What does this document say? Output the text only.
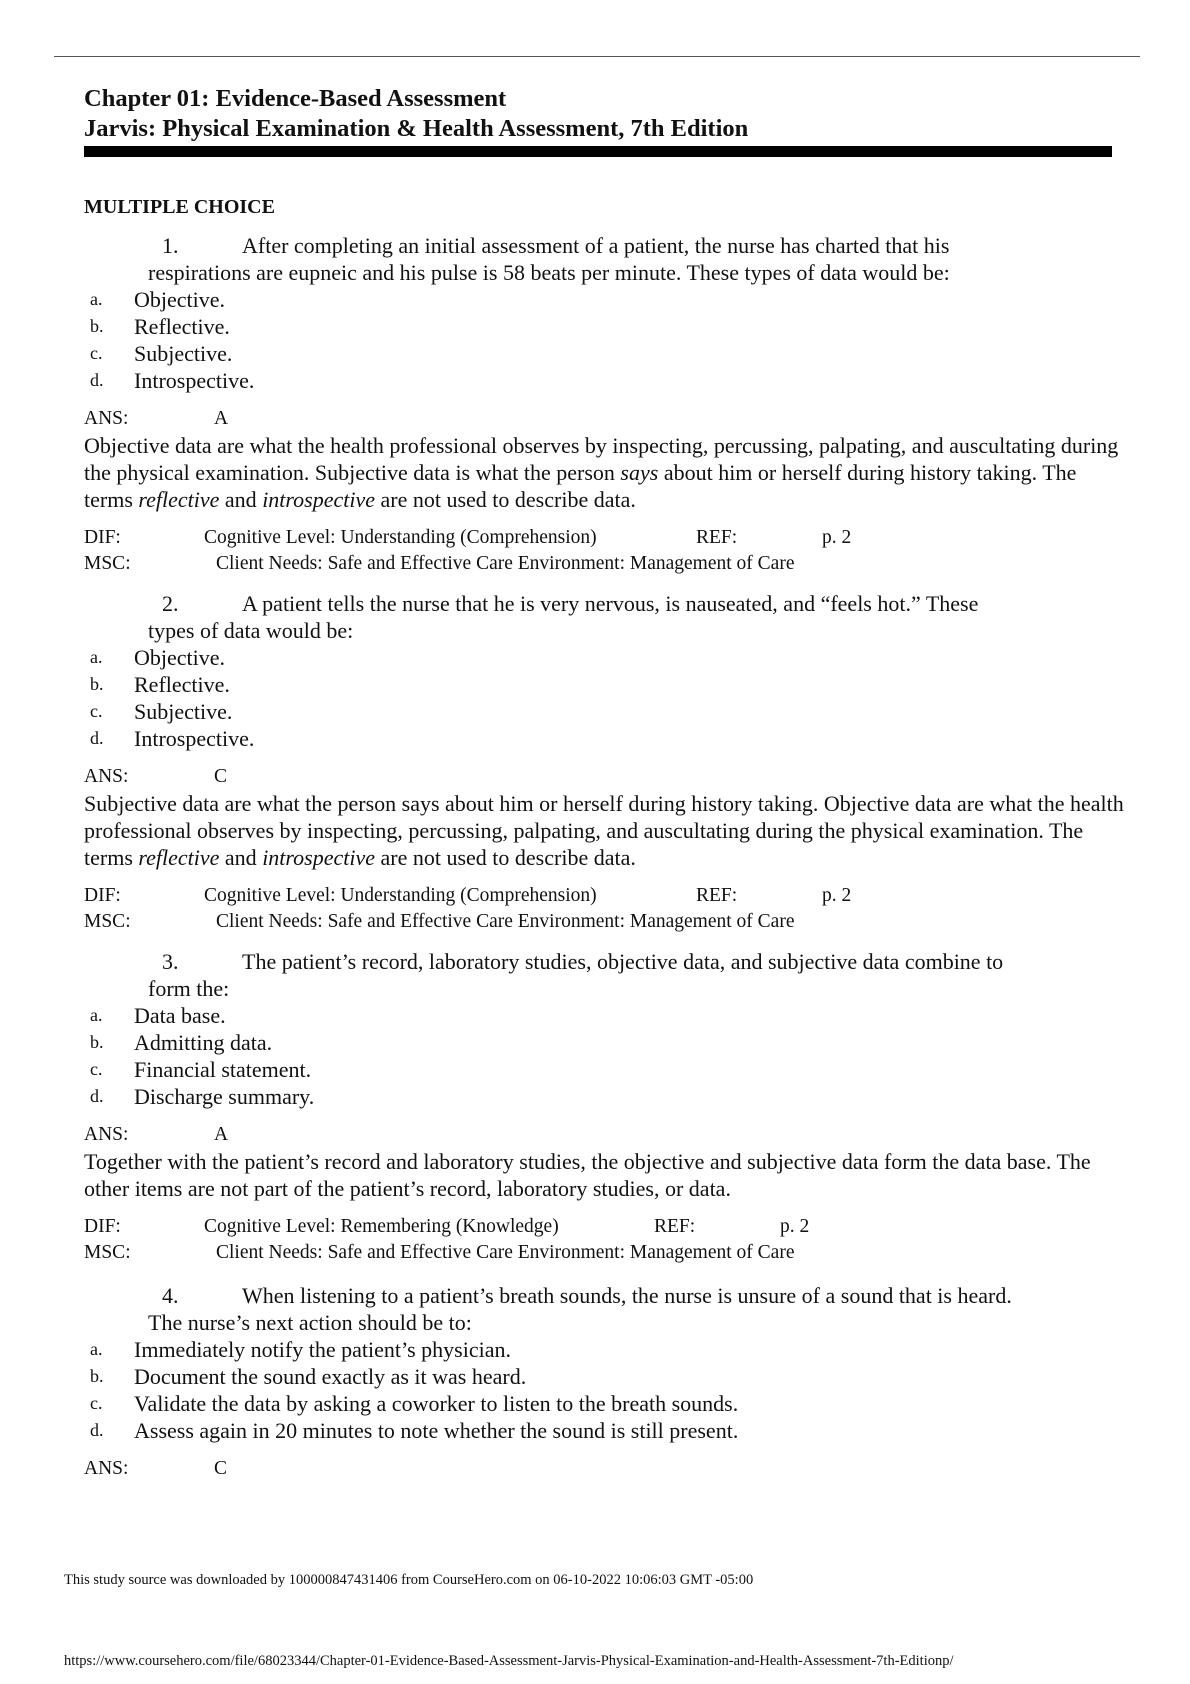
Chapter 01: Evidence-Based Assessment
Jarvis: Physical Examination & Health Assessment, 7th Edition
MULTIPLE CHOICE
1.	After completing an initial assessment of a patient, the nurse has charted that his
respirations are eupneic and his pulse is 58 beats per minute. These types of data would be:
a.	Objective.
b.	Reflective.
c.	Subjective.
d.	Introspective.
ANS:	A
Objective data are what the health professional observes by inspecting, percussing, palpating, and auscultating during the physical examination. Subjective data is what the person says about him or herself during history taking. The terms reflective and introspective are not used to describe data.
DIF:	Cognitive Level: Understanding (Comprehension)	REF:	p. 2
MSC:	Client Needs: Safe and Effective Care Environment: Management of Care
2.	A patient tells the nurse that he is very nervous, is nauseated, and “feels hot.” These
types of data would be:
a.	Objective.
b.	Reflective.
c.	Subjective.
d.	Introspective.
ANS:	C
Subjective data are what the person says about him or herself during history taking. Objective data are what the health professional observes by inspecting, percussing, palpating, and auscultating during the physical examination. The terms reflective and introspective are not used to describe data.
DIF:	Cognitive Level: Understanding (Comprehension)	REF:	p. 2
MSC:	Client Needs: Safe and Effective Care Environment: Management of Care
3.	The patient’s record, laboratory studies, objective data, and subjective data combine to
form the:
a.	Data base.
b.	Admitting data.
c.	Financial statement.
d.	Discharge summary.
ANS:	A
Together with the patient’s record and laboratory studies, the objective and subjective data form the data base. The other items are not part of the patient’s record, laboratory studies, or data.
DIF:	Cognitive Level: Remembering (Knowledge)	REF:	p. 2
MSC:	Client Needs: Safe and Effective Care Environment: Management of Care
4.	When listening to a patient’s breath sounds, the nurse is unsure of a sound that is heard.
The nurse’s next action should be to:
a.	Immediately notify the patient’s physician.
b.	Document the sound exactly as it was heard.
c.	Validate the data by asking a coworker to listen to the breath sounds.
d.	Assess again in 20 minutes to note whether the sound is still present.
ANS:	C
This study source was downloaded by 100000847431406 from CourseHero.com on 06-10-2022 10:06:03 GMT -05:00
https://www.coursehero.com/file/68023344/Chapter-01-Evidence-Based-Assessment-Jarvis-Physical-Examination-and-Health-Assessment-7th-Editionp/
